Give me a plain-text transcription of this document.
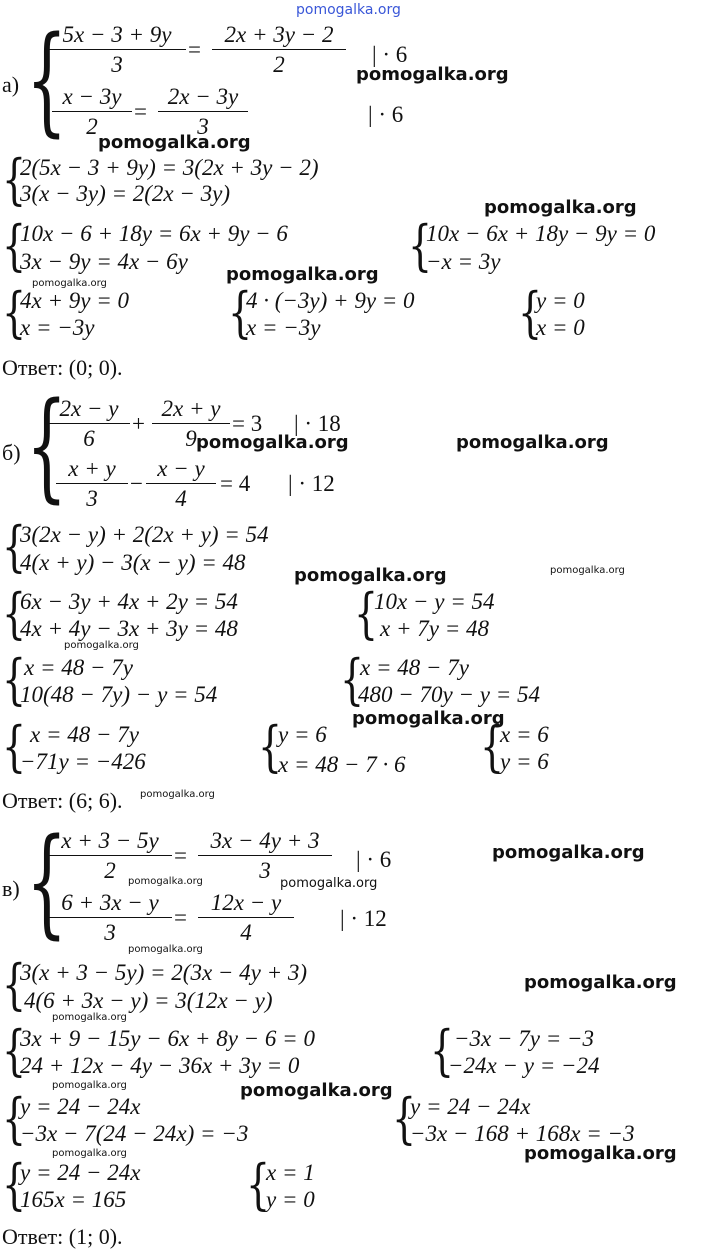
pomogalka.org
а) {
5x − 3 + 9y
3
=
2x + 3y − 2
2	| · 6
x − 3y
2
=
2x − 3y
3	| · 6
pomogalka.org
pomogalka.org
{
2(5x − 3 + 9y) = 3(2x + 3y − 2)
3(x − 3y) = 2(2x − 3y)
{
10x − 6 + 18y = 6x + 9y − 6
3x − 9y = 4x − 6y	{
10x − 6x + 18y − 9y = 0
−x = 3y
pomogalka.org
pomogalka.org
pomogalka.org
{
4x + 9y = 0
x = −3y {
4 · (−3y) + 9y = 0
x = −3y	{
y = 0
x = 0
Ответ: (0; 0).
б) {
2x − y
6
+
2x + y
9
= 3 | · 18
x + y
3
−
x − y
4
= 4 | · 12
pomogalka.org	pomogalka.org
{
3(2x − y) + 2(2x + y) = 54
4(x + y) − 3(x − y) = 48
pomogalka.org	pomogalka.org
{
6x − 3y + 4x + 2y = 54
4x + 4y − 3x + 3y = 48 {
10x − y = 54
x + 7y = 48
pomogalka.org
{
x = 48 − 7y
10(48 − 7y) − y = 54 {
x = 48 − 7y
480 − 70y − y = 54
pomogalka.org
{ x = 48 − 7y
−71y = −426 {
y = 6
x = 48 − 7 · 6 {
x = 6
y = 6
Ответ: (6; 6). pomogalka.org
в) {
x + 3 − 5y
2
=
3x − 4y + 3
3	| · 6
6 + 3x − y
3
=
12x − y
4
| · 12
pomogalka.org
pomogalka.org	pomogalka.org
pomogalka.org
{
3(x + 3 − 5y) = 2(3x − 4y + 3)
4(6 + 3x − y) = 3(12x − y)
pomogalka.org
pomogalka.org
{
3x + 9 − 15y − 6x + 8y − 6 = 0
24 + 12x − 4y − 36x + 3y = 0 { −3x − 7y = −3
−24x − y = −24
pomogalka.org
pomogalka.org
{
y = 24 − 24x
−3x − 7(24 − 24x) = −3	{
y = 24 − 24x
−3x − 168 + 168x = −3
pomogalka.org	pomogalka.org
{
y = 24 − 24x
165x = 165 {
x = 1
y = 0
Ответ: (1; 0).
